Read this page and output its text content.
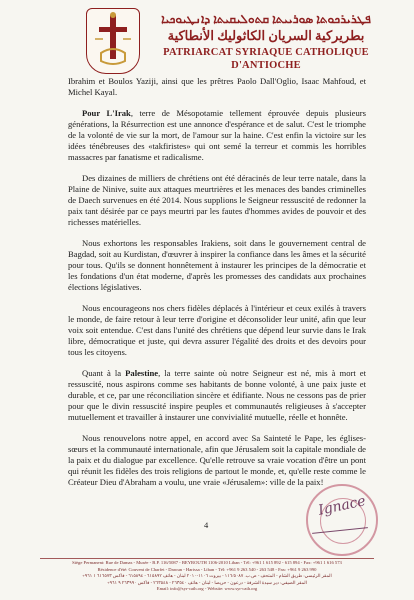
ܦܛܪܝܪܟܘܬܐ ܣܘܪܝܝܬܐ ܩܬܘܠܝܩܝܬܐ ܕܐܢܛܝܘܟܝܐ
بطريركية السريان الكاثوليك الأنطاكية
PATRIARCAT SYRIAQUE CATHOLIQUE D'ANTIOCHE

Ibrahim et Boulos Yaziji, ainsi que les prêtres Paolo Dall'Oglio, Isaac Mahfoud, et Michel Kayal.

Pour L'Irak, terre de Mésopotamie tellement éprouvée depuis plusieurs générations, la Résurrection est une annonce d'espérance et de salut. C'est le triomphe de la volonté de vie sur la mort, de l'amour sur la haine. C'est enfin la victoire sur les idées ténébreuses des «takfiristes» qui ont semé la terreur et commis les horribles massacres par fanatisme et radicalisme.

Des dizaines de milliers de chrétiens ont été déracinés de leur terre natale, dans la Plaine de Ninive, suite aux attaques meurtrières et les menaces des bandes criminelles de Daech survenues en été 2014. Nous supplions le Seigneur ressuscité de redonner la paix tant désirée par ce pays meurtri par les fautes d'hommes avides de pouvoir et des richesses matérielles.

Nous exhortons les responsables Irakiens, soit dans le gouvernement central de Bagdad, soit au Kurdistan, d'œuvrer à inspirer la confiance dans les âmes et la sécurité pour tous. Qu'ils se donnent honnêtement à instaurer les principes de la démocratie et les fondations d'un état moderne, d'après les promesses des candidats aux prochaines élections législatives.

Nous encourageons nos chers fidèles déplacés à l'intérieur et ceux exilés à travers le monde, de faire retour à leur terre d'origine et déconsolider leur unité, afin que leur voix soit entendue. C'est dans l'unité des chrétiens que dépend leur survie dans le Irak libre, démocratique et juste, qui devra assurer l'égalité des droits et des devoirs pour tous les citoyens.

Quant à la Palestine, la terre sainte où notre Seigneur est né, mis à mort et ressuscité, nous aspirons comme ses habitants de bonne volonté, à une paix juste et durable, et ce, par une réconciliation sincère et édifiante. Nous ne cessons pas de prier pour que le divin ressuscité inspire peuples et communautés religieuses à s'accepter mutuellement et travailler à instaurer une convivialité mutuelle, réelle et honnête.

Nous renouvelons notre appel, en accord avec Sa Sainteté le Pape, les églises-sœurs et la communauté internationale, afin que Jérusalem soit la capitale mondiale de la paix et du dialogue par excellence. Qu'elle retrouve sa vraie vocation d'être un pont qui réunit les fidèles des trois religions de partout le monde, et, qu'elle reste comme le Créateur Dieu d'Abraham a voulu, une vraie «Jérusalem»: ville de la paix!

4
Ignace
Siège Permanent: Rue de Damas - Musée - B.P. 116/5087 - BEYROUTH 1106-2010 Liban - Tél: +961 1 615 892 - 615 894 - Fax: +961 1 616 573
Résidence d'été: Couvent de Charfet - Daroun - Harissa - Liban - Tél: +961 9 263 540 - 263 548 - Fax: +961 9 263 990
المقر الرئيسي: طريق الشام - المتحف - ص.ب. ١١٦/٥٠٨٧ - بيروت ١١٠٦-٢٠١٠ لبنان - هاتف ٦١٥٨٩٢ - ٦١٥٨٩٤ - فاكس ٦١٦٥٧٣ ١ ٩٦١+
المقر الصيفي: دير سيدة الشرفة - درعون - حريصا - لبنان - هاتف ٢٦٣٥٤٠ - ٢٦٣٥٤٨ - فاكس ٢٦٣٩٩٠ ٩ ٩٦١+
Email: info@syr-cath.org - Website: www.syr-cath.org
